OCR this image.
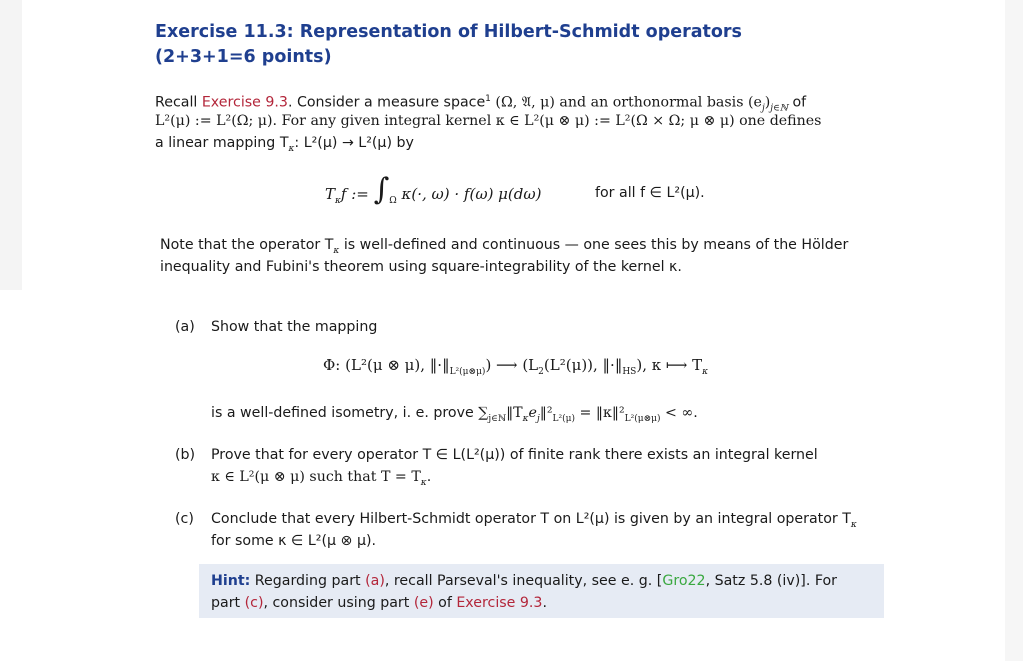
Exercise 11.3: Representation of Hilbert-Schmidt operators
(2+3+1=6 points)
Recall Exercise 9.3. Consider a measure space$^1$ (Ω, 𝔄, μ) and an orthonormal basis $(e_j)_{j\in ℕ}$ of
L²(μ) := L²(Ω; μ). For any given integral kernel κ ∈ L²(μ ⊗ μ) := L²(Ω × Ω; μ ⊗ μ) one defines
a linear mapping $T_\kappa$: L²(μ) → L²(μ) by
$T_\kappa f$ := $\int_\Omega$ κ(·, ω) · f(ω) μ(dω)	for all f ∈ L²(μ).
Note that the operator $T_\kappa$ is well-defined and continuous — one sees this by means of the Hölder
inequality and Fubini's theorem using square-integrability of the kernel κ.
(a) Show that the mapping
Φ: (L²(μ ⊗ μ), $‖\cdot‖_{L^2(\mu\otimes\mu)}$) ⟶ ($L_2(L^2(\mu))$, $‖\cdot‖_{HS}$), κ ⟼ $T_\kappa$
is a well-defined isometry, i. e. prove $\sum_{j\in ℕ}‖T_\kappa e_j‖^2_{L^2(\mu)}$ = $‖\kappa‖^2_{L^2(\mu\otimes\mu)}$ < ∞.
(b) Prove that for every operator T ∈ L(L²(μ)) of finite rank there exists an integral kernel
κ ∈ L²(μ ⊗ μ) such that $T = T_\kappa$.
(c) Conclude that every Hilbert-Schmidt operator T on L²(μ) is given by an integral operator $T_\kappa$
for some κ ∈ L²(μ ⊗ μ).
Hint: Regarding part (a), recall Parseval's inequality, see e. g. [Gro22, Satz 5.8 (iv)]. For
part (c), consider using part (e) of Exercise 9.3.
